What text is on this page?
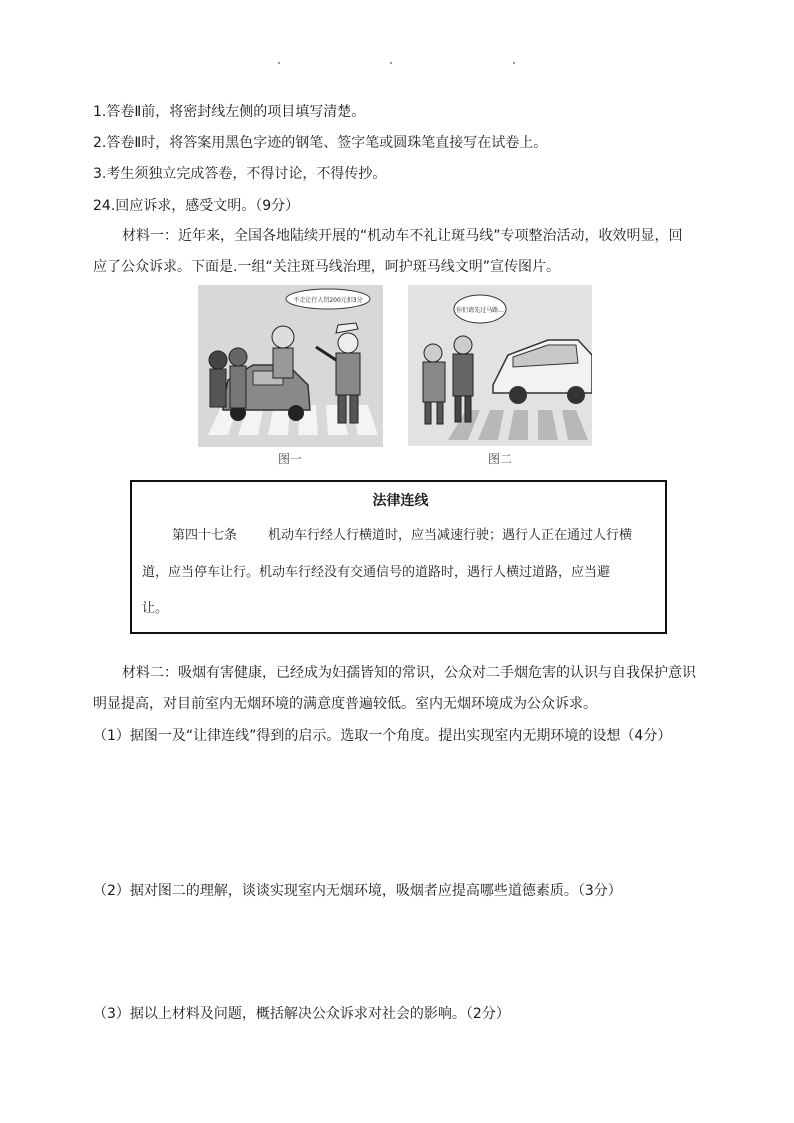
1.答卷Ⅱ前，将密封线左侧的项目填写清楚。
2.答卷Ⅱ时，将答案用黑色字迹的钢笔、签字笔或圆珠笔直接写在试卷上。
3.考生须独立完成答卷，不得讨论，不得传抄。
24.回应诉求，感受文明。（9分）
材料一：近年来，全国各地陆续开展的“机动车不礼让斑马线”专项整治活动，收效明显，回
应了公众诉求。下面是.一组“关注斑马线治理，呵护斑马线文明”宣传图片。
不走让行人罚200元扣3分
图一
你们请先过马路...
图二
法律连线
第四十七条 机动车行经人行横道时，应当减速行驶；遇行人正在通过人行横
道，应当停车让行。机动车行经没有交通信号的道路时，遇行人横过道路，应当避
让。
材料二：吸烟有害健康，已经成为妇孺皆知的常识，公众对二手烟危害的认识与自我保护意识
明显提高，对目前室内无烟环境的满意度普遍较低。室内无烟环境成为公众诉求。
（1）据图一及“让律连线”得到的启示。选取一个角度。提出实现室内无期环境的设想（4分）
（2）据对图二的理解，谈谈实现室内无烟环境，吸烟者应提高哪些道德素质。（3分）
（3）据以上材料及问题，概括解决公众诉求对社会的影响。（2分）
